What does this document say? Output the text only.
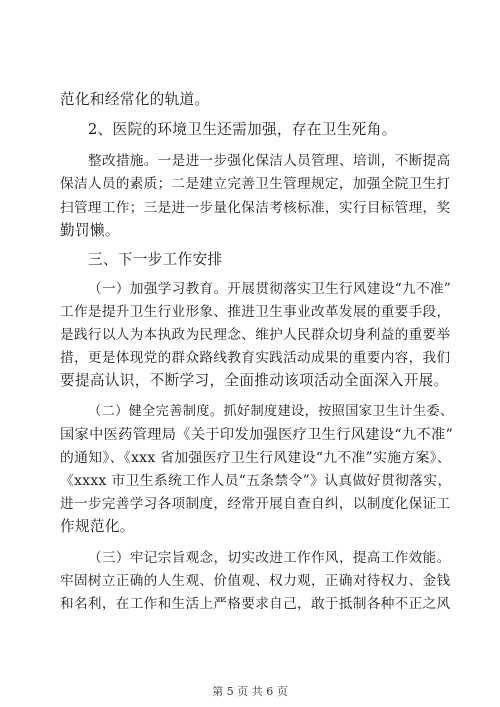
范化和经常化的轨道。
2、医院的环境卫生还需加强，存在卫生死角。
整改措施。一是进一步强化保洁人员管理、培训，不断提高
保洁人员的素质；二是建立完善卫生管理规定，加强全院卫生打
扫管理工作；三是进一步量化保洁考核标准，实行目标管理，奖
勤罚懒。
三、下一步工作安排
（一）加强学习教育。开展贯彻落实卫生行风建设“九不准”
工作是提升卫生行业形象、推进卫生事业改革发展的重要手段，
是践行以人为本执政为民理念、维护人民群众切身利益的重要举
措，更是体现党的群众路线教育实践活动成果的重要内容，我们
要提高认识，不断学习，全面推动该项活动全面深入开展。
（二）健全完善制度。抓好制度建设，按照国家卫生计生委、
国家中医药管理局《关于印发加强医疗卫生行风建设“九不准”
的通知》、《xxx 省加强医疗卫生行风建设“九不准”实施方案》、
《xxxx 市卫生系统工作人员“五条禁令”》认真做好贯彻落实，
进一步完善学习各项制度，经常开展自查自纠，以制度化保证工
作规范化。
（三）牢记宗旨观念，切实改进工作作风，提高工作效能。
牢固树立正确的人生观、价值观、权力观，正确对待权力、金钱
和名利，在工作和生活上严格要求自己，敢于抵制各种不正之风
第 5 页 共 6 页
